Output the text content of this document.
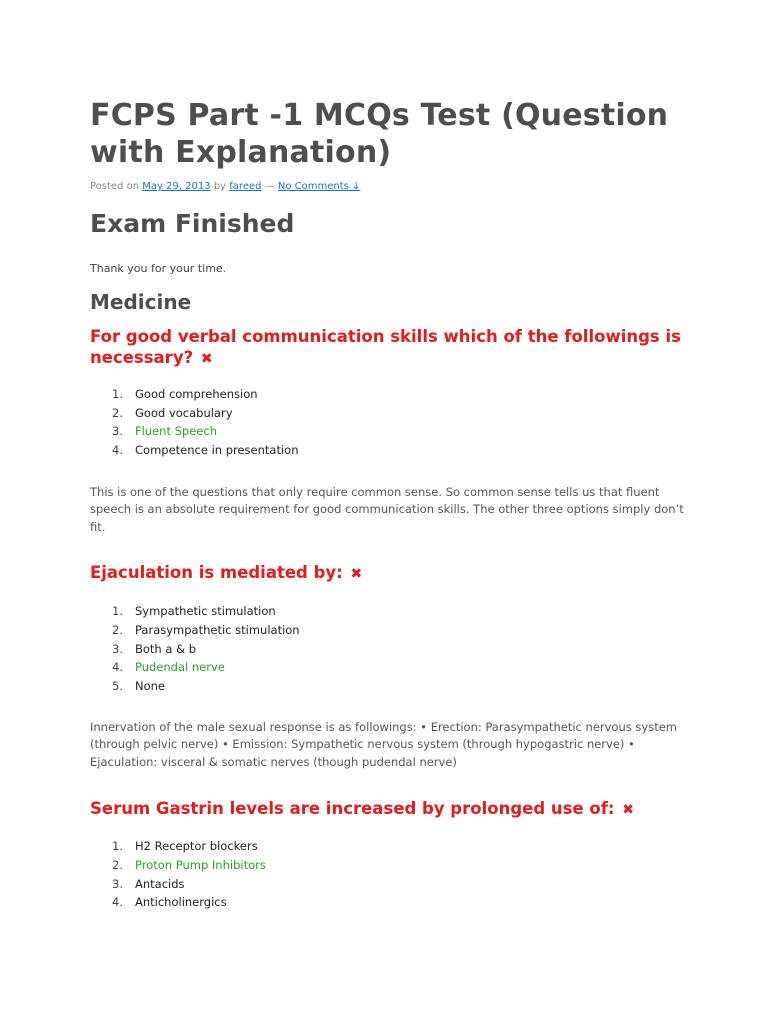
FCPS Part -1 MCQs Test (Question with Explanation)
Posted on May 29, 2013 by fareed — No Comments ↓
Exam Finished

Thank you for your time.

Medicine
For good verbal communication skills which of the followings is necessary? ✖
1. Good comprehension
2. Good vocabulary
3. Fluent Speech
4. Competence in presentation

This is one of the questions that only require common sense. So common sense tells us that fluent speech is an absolute requirement for good communication skills. The other three options simply don’t fit.

Ejaculation is mediated by: ✖
1. Sympathetic stimulation
2. Parasympathetic stimulation
3. Both a & b
4. Pudendal nerve
5. None

Innervation of the male sexual response is as followings: • Erection: Parasympathetic nervous system (through pelvic nerve) • Emission: Sympathetic nervous system (through hypogastric nerve) • Ejaculation: visceral & somatic nerves (though pudendal nerve)

Serum Gastrin levels are increased by prolonged use of: ✖
1. H2 Receptor blockers
2. Proton Pump Inhibitors
3. Antacids
4. Anticholinergics
